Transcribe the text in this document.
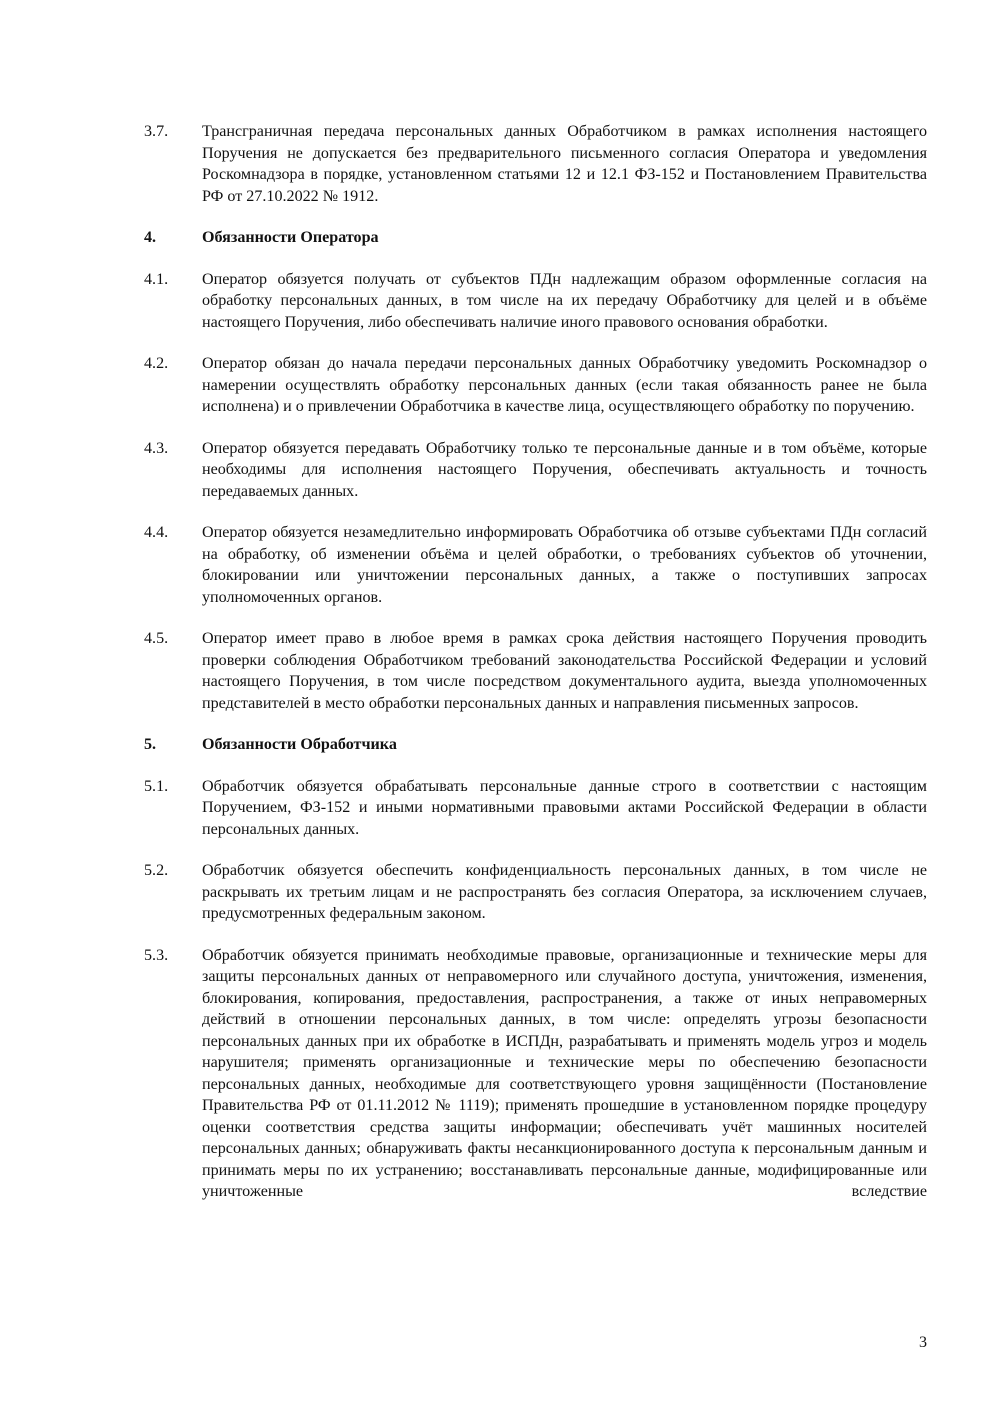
3.7.	Трансграничная передача персональных данных Обработчиком в рамках исполнения настоящего Поручения не допускается без предварительного письменного согласия Оператора и уведомления Роскомнадзора в порядке, установленном статьями 12 и 12.1 ФЗ-152 и Постановлением Правительства РФ от 27.10.2022 № 1912.
4.	Обязанности Оператора
4.1.	Оператор обязуется получать от субъектов ПДн надлежащим образом оформленные согласия на обработку персональных данных, в том числе на их передачу Обработчику для целей и в объёме настоящего Поручения, либо обеспечивать наличие иного правового основания обработки.
4.2.	Оператор обязан до начала передачи персональных данных Обработчику уведомить Роскомнадзор о намерении осуществлять обработку персональных данных (если такая обязанность ранее не была исполнена) и о привлечении Обработчика в качестве лица, осуществляющего обработку по поручению.
4.3.	Оператор обязуется передавать Обработчику только те персональные данные и в том объёме, которые необходимы для исполнения настоящего Поручения, обеспечивать актуальность и точность передаваемых данных.
4.4.	Оператор обязуется незамедлительно информировать Обработчика об отзыве субъектами ПДн согласий на обработку, об изменении объёма и целей обработки, о требованиях субъектов об уточнении, блокировании или уничтожении персональных данных, а также о поступивших запросах уполномоченных органов.
4.5.	Оператор имеет право в любое время в рамках срока действия настоящего Поручения проводить проверки соблюдения Обработчиком требований законодательства Российской Федерации и условий настоящего Поручения, в том числе посредством документального аудита, выезда уполномоченных представителей в место обработки персональных данных и направления письменных запросов.
5.	Обязанности Обработчика
5.1.	Обработчик обязуется обрабатывать персональные данные строго в соответствии с настоящим Поручением, ФЗ-152 и иными нормативными правовыми актами Российской Федерации в области персональных данных.
5.2.	Обработчик обязуется обеспечить конфиденциальность персональных данных, в том числе не раскрывать их третьим лицам и не распространять без согласия Оператора, за исключением случаев, предусмотренных федеральным законом.
5.3.	Обработчик обязуется принимать необходимые правовые, организационные и технические меры для защиты персональных данных от неправомерного или случайного доступа, уничтожения, изменения, блокирования, копирования, предоставления, распространения, а также от иных неправомерных действий в отношении персональных данных, в том числе: определять угрозы безопасности персональных данных при их обработке в ИСПДн, разрабатывать и применять модель угроз и модель нарушителя; применять организационные и технические меры по обеспечению безопасности персональных данных, необходимые для соответствующего уровня защищённости (Постановление Правительства РФ от 01.11.2012 № 1119); применять прошедшие в установленном порядке процедуру оценки соответствия средства защиты информации; обеспечивать учёт машинных носителей персональных данных; обнаруживать факты несанкционированного доступа к персональным данным и принимать меры по их устранению; восстанавливать персональные данные, модифицированные или уничтоженные вследствие
3
